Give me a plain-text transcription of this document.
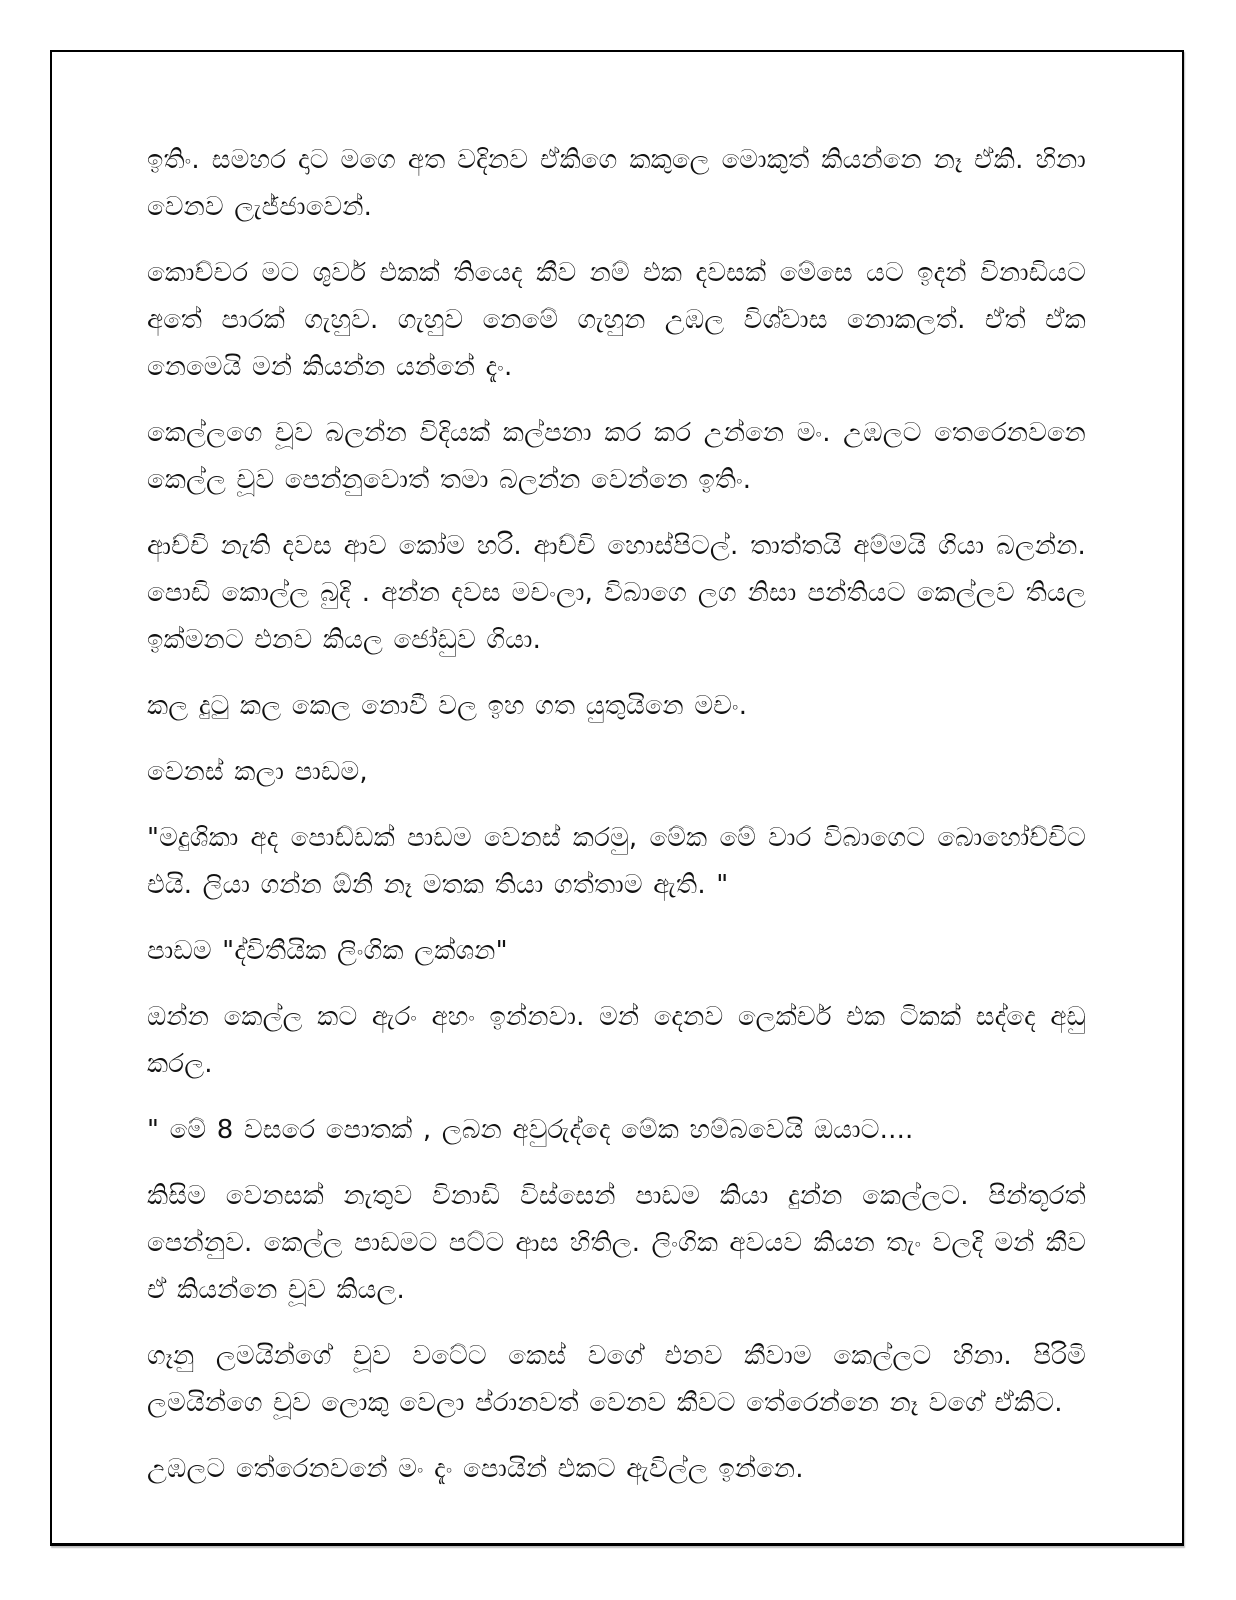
ඉතිං. සමහර දාට මගෙ අත වදිනව ඒකිගෙ කකුලෙ මොකුත් කියන්නෙ නෑ ඒකි. හිනා වෙනව ලැජ්ජාවෙන්.

කොච්චර මට ශුවර් එකක් තියෙද කීව නම් එක දවසක් මේසෙ යට ඉදන් විනාඩියට අතේ පාරක් ගැහුව. ගැහුව නෙමේ ගැහුන උඹල විශ්වාස නොකලත්. ඒත් ඒක නෙමෙයි මන් කියන්න යන්නේ දැං.

කෙල්ලගෙ චූව බලන්න විදියක් කල්පනා කර කර උන්නෙ මං. උඹලට තෙරෙනවනෙ කෙල්ල චූව පෙන්නුවොත් තමා බලන්න වෙන්නෙ ඉතිං.

ආච්චි නැති දවස ආව කෝම හරි. ආච්චි හොස්පිටල්. තාත්තයි අම්මයි ගියා බලන්න. පොඩි කොල්ල බුදි . අන්න දවස මචංලා, විබාගෙ ලග නිසා පන්තියට කෙල්ලව තියල ඉක්මනට එනව කියල ජෝඩුව ගියා.

කල දුටු කල කෙල නොවී වල ඉහ ගත යුතුයිනෙ මචං.

වෙනස් කලා පාඩම,

"මදුශිකා අද පොඩ්ඩක් පාඩම වෙනස් කරමු, මේක මේ වාර විබාගෙට බොහෝච්චිට එයි. ලියා ගන්න ඕනි නෑ මතක තියා ගත්තාම ඇති. "

පාඩම "ද්විතීයික ලිංගික ලක්ශන"

ඔන්න කෙල්ල කට ඇරං අහං ඉන්නවා. මන් දෙනව ලෙක්චර් එක ටිකක් සද්දෙ අඩු කරල.

" මේ 8 වසරෙ පොතක් , ලබන අවුරුද්දෙ මේක හම්බවෙයි ඔයාට....

කිසිම වෙනසක් නැතුව විනාඩි විස්සෙන් පාඩම කියා දුන්න කෙල්ලට. පින්තූරත් පෙන්නුව. කෙල්ල පාඩමට පට්ට ආස හිතිල. ලිංගික අවයව කියන තැං වලදි මන් කීව ඒ කියන්නෙ චූව කියල.

ගෑනු ලමයින්ගේ චූව වටේට කෙස් වගේ එනව කීවාම කෙල්ලට හිනා. පිරිමි ලමයින්ගෙ චූව ලොකු වෙලා ප්රානවත් වෙනව කීවට තේරෙන්නෙ නෑ වගේ ඒකිට.

උඹලට තේරෙනවනේ මං දැං පොයින් එකට ඇවිල්ල ඉන්නෙ.
